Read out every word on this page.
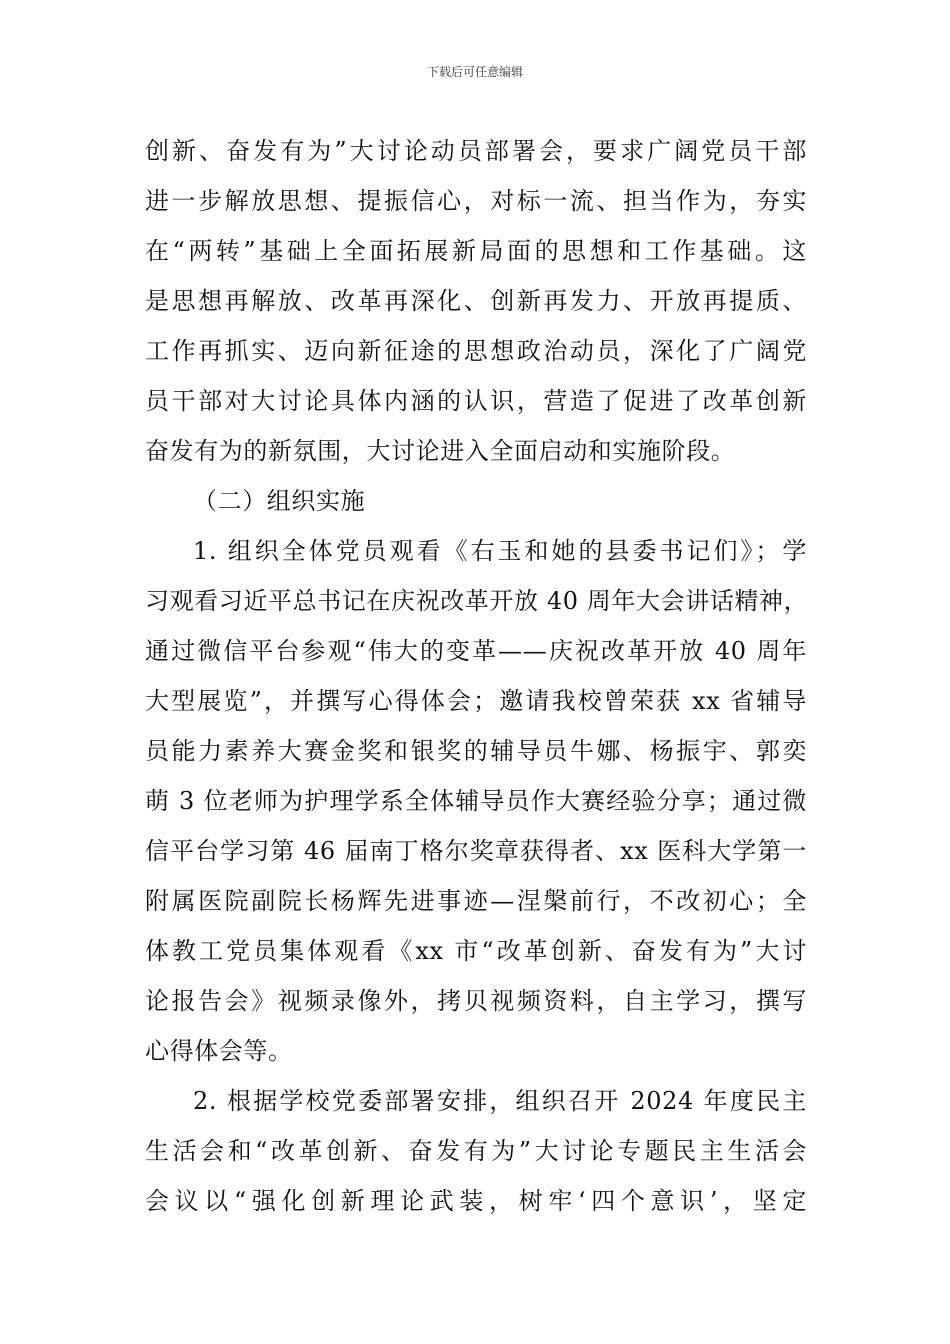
下载后可任意编辑
创新、奋发有为”大讨论动员部署会，要求广阔党员干部
进一步解放思想、提振信心，对标一流、担当作为，夯实
在“两转”基础上全面拓展新局面的思想和工作基础。这
是思想再解放、改革再深化、创新再发力、开放再提质、
工作再抓实、迈向新征途的思想政治动员，深化了广阔党
员干部对大讨论具体内涵的认识，营造了促进了改革创新
奋发有为的新氛围，大讨论进入全面启动和实施阶段。
（二）组织实施
1. 组织全体党员观看《右玉和她的县委书记们》；学
习观看习近平总书记在庆祝改革开放 40 周年大会讲话精神，
通过微信平台参观“伟大的变革——庆祝改革开放 40 周年
大型展览”，并撰写心得体会；邀请我校曾荣获 xx 省辅导
员能力素养大赛金奖和银奖的辅导员牛娜、杨振宇、郭奕
萌 3 位老师为护理学系全体辅导员作大赛经验分享；通过微
信平台学习第 46 届南丁格尔奖章获得者、xx 医科大学第一
附属医院副院长杨辉先进事迹—涅槃前行，不改初心；全
体教工党员集体观看《xx 市“改革创新、奋发有为”大讨
论报告会》视频录像外，拷贝视频资料，自主学习，撰写
心得体会等。
2. 根据学校党委部署安排，组织召开 2024 年度民主
生活会和“改革创新、奋发有为”大讨论专题民主生活会
会议以“强化创新理论武装，树牢‘四个意识’，坚定
